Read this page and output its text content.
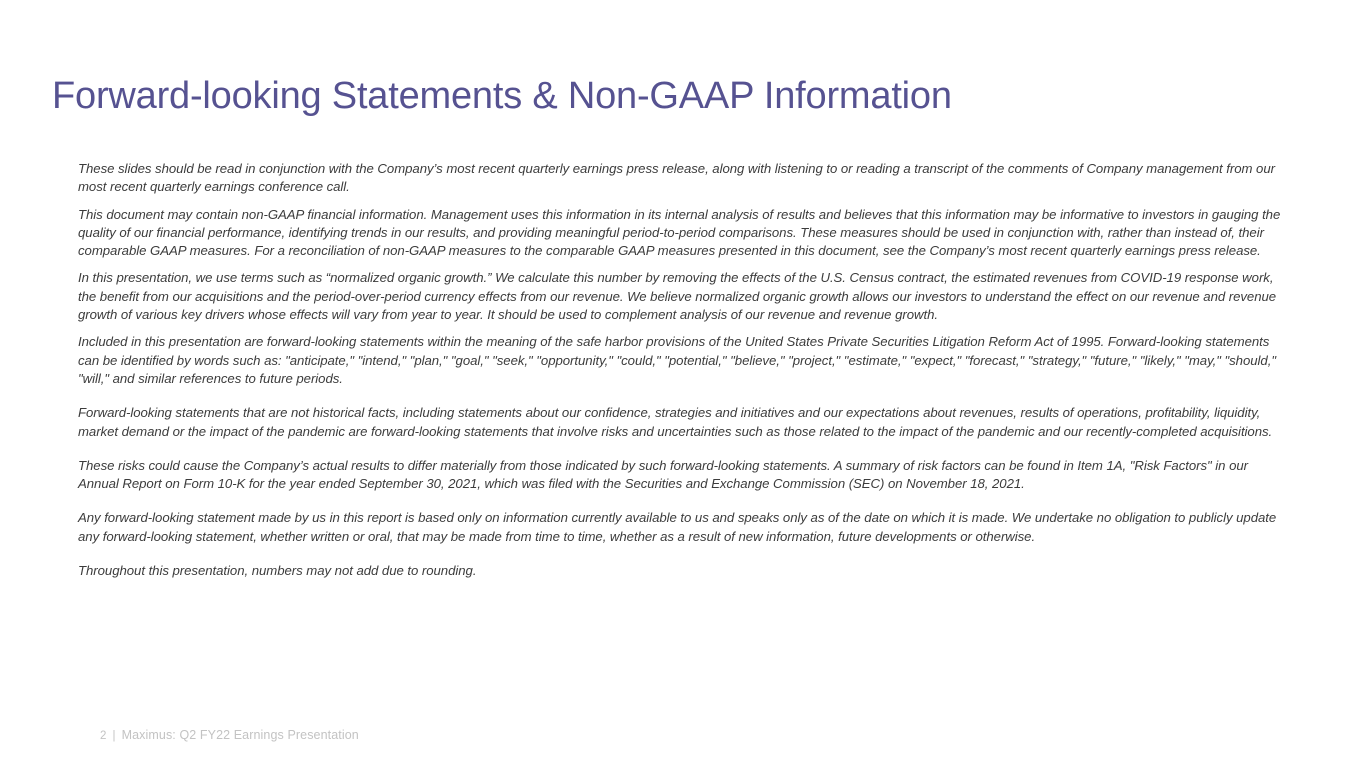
Forward-looking Statements & Non-GAAP Information

These slides should be read in conjunction with the Company’s most recent quarterly earnings press release, along with listening to or reading a transcript of the comments of Company management from our most recent quarterly earnings conference call.

This document may contain non-GAAP financial information. Management uses this information in its internal analysis of results and believes that this information may be informative to investors in gauging the quality of our financial performance, identifying trends in our results, and providing meaningful period-to-period comparisons. These measures should be used in conjunction with, rather than instead of, their comparable GAAP measures. For a reconciliation of non-GAAP measures to the comparable GAAP measures presented in this document, see the Company’s most recent quarterly earnings press release.

In this presentation, we use terms such as “normalized organic growth.” We calculate this number by removing the effects of the U.S. Census contract, the estimated revenues from COVID-19 response work, the benefit from our acquisitions and the period-over-period currency effects from our revenue. We believe normalized organic growth allows our investors to understand the effect on our revenue and revenue growth of various key drivers whose effects will vary from year to year. It should be used to complement analysis of our revenue and revenue growth.

Included in this presentation are forward-looking statements within the meaning of the safe harbor provisions of the United States Private Securities Litigation Reform Act of 1995. Forward-looking statements can be identified by words such as: "anticipate," "intend," "plan," "goal," "seek," "opportunity," "could," "potential," "believe," "project," "estimate," "expect," "forecast," "strategy," "future," "likely," "may," "should," "will," and similar references to future periods.

Forward-looking statements that are not historical facts, including statements about our confidence, strategies and initiatives and our expectations about revenues, results of operations, profitability, liquidity, market demand or the impact of the pandemic are forward-looking statements that involve risks and uncertainties such as those related to the impact of the pandemic and our recently-completed acquisitions.

These risks could cause the Company’s actual results to differ materially from those indicated by such forward-looking statements. A summary of risk factors can be found in Item 1A, "Risk Factors" in our Annual Report on Form 10-K for the year ended September 30, 2021, which was filed with the Securities and Exchange Commission (SEC) on November 18, 2021.

Any forward-looking statement made by us in this report is based only on information currently available to us and speaks only as of the date on which it is made. We undertake no obligation to publicly update any forward-looking statement, whether written or oral, that may be made from time to time, whether as a result of new information, future developments or otherwise.

Throughout this presentation, numbers may not add due to rounding.

2 | Maximus: Q2 FY22 Earnings Presentation
